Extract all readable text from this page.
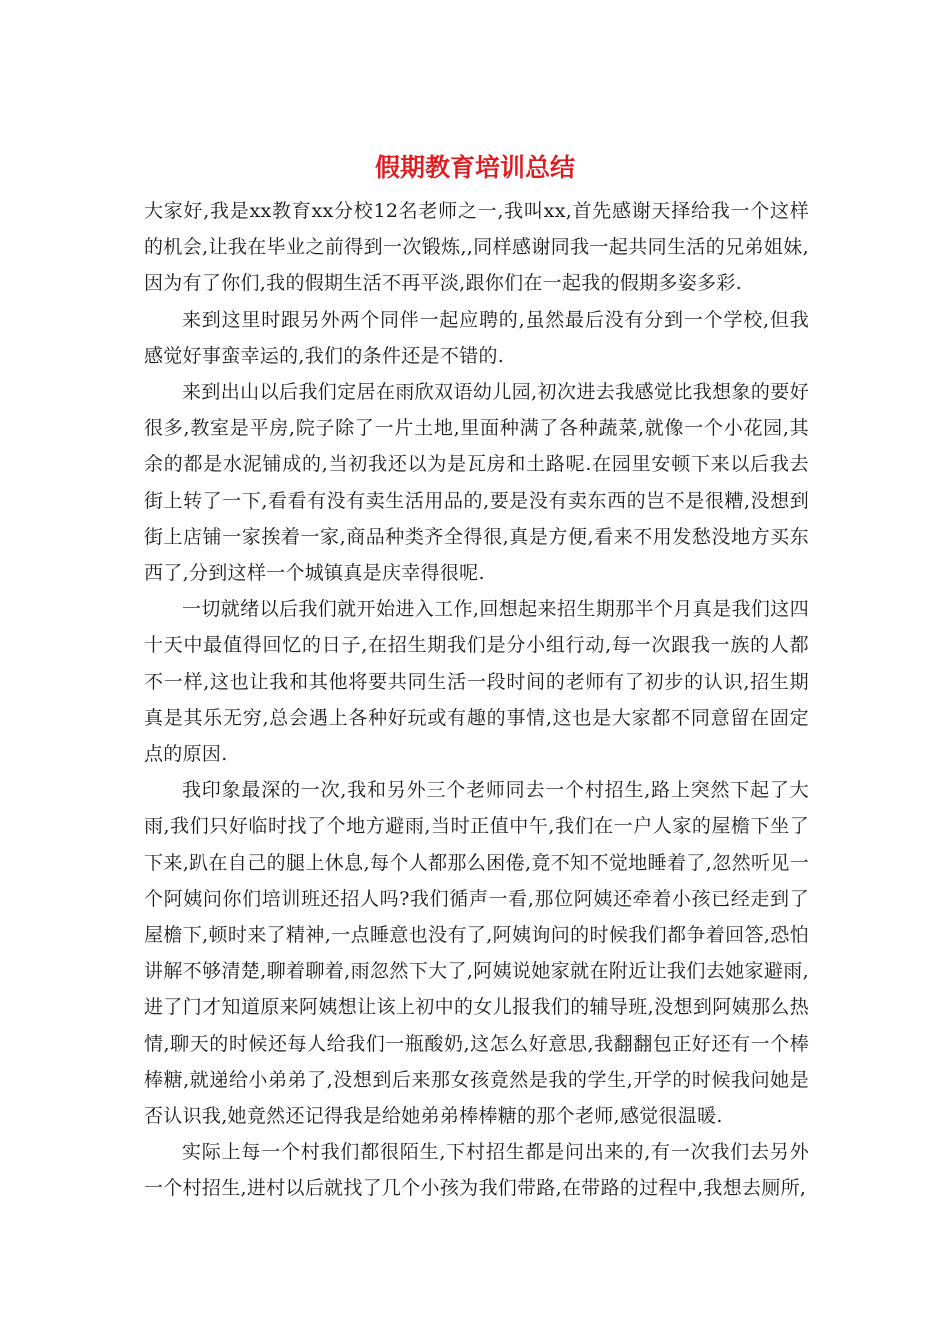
假期教育培训总结

大家好,我是xx教育xx分校12名老师之一,我叫xx,首先感谢天择给我一个这样的机会,让我在毕业之前得到一次锻炼,,同样感谢同我一起共同生活的兄弟姐妹,因为有了你们,我的假期生活不再平淡,跟你们在一起我的假期多姿多彩.

来到这里时跟另外两个同伴一起应聘的,虽然最后没有分到一个学校,但我感觉好事蛮幸运的,我们的条件还是不错的.

来到出山以后我们定居在雨欣双语幼儿园,初次进去我感觉比我想象的要好很多,教室是平房,院子除了一片土地,里面种满了各种蔬菜,就像一个小花园,其余的都是水泥铺成的,当初我还以为是瓦房和土路呢.在园里安顿下来以后我去街上转了一下,看看有没有卖生活用品的,要是没有卖东西的岂不是很糟,没想到街上店铺一家挨着一家,商品种类齐全得很,真是方便,看来不用发愁没地方买东西了,分到这样一个城镇真是庆幸得很呢.

一切就绪以后我们就开始进入工作,回想起来招生期那半个月真是我们这四十天中最值得回忆的日子,在招生期我们是分小组行动,每一次跟我一族的人都不一样,这也让我和其他将要共同生活一段时间的老师有了初步的认识,招生期真是其乐无穷,总会遇上各种好玩或有趣的事情,这也是大家都不同意留在固定点的原因.

我印象最深的一次,我和另外三个老师同去一个村招生,路上突然下起了大雨,我们只好临时找了个地方避雨,当时正值中午,我们在一户人家的屋檐下坐了下来,趴在自己的腿上休息,每个人都那么困倦,竟不知不觉地睡着了,忽然听见一个阿姨问你们培训班还招人吗?我们循声一看,那位阿姨还牵着小孩已经走到了屋檐下,顿时来了精神,一点睡意也没有了,阿姨询问的时候我们都争着回答,恐怕讲解不够清楚,聊着聊着,雨忽然下大了,阿姨说她家就在附近让我们去她家避雨,进了门才知道原来阿姨想让该上初中的女儿报我们的辅导班,没想到阿姨那么热情,聊天的时候还每人给我们一瓶酸奶,这怎么好意思,我翻翻包正好还有一个棒棒糖,就递给小弟弟了,没想到后来那女孩竟然是我的学生,开学的时候我问她是否认识我,她竟然还记得我是给她弟弟棒棒糖的那个老师,感觉很温暖.

实际上每一个村我们都很陌生,下村招生都是问出来的,有一次我们去另外一个村招生,进村以后就找了几个小孩为我们带路,在带路的过程中,我想去厕所,
